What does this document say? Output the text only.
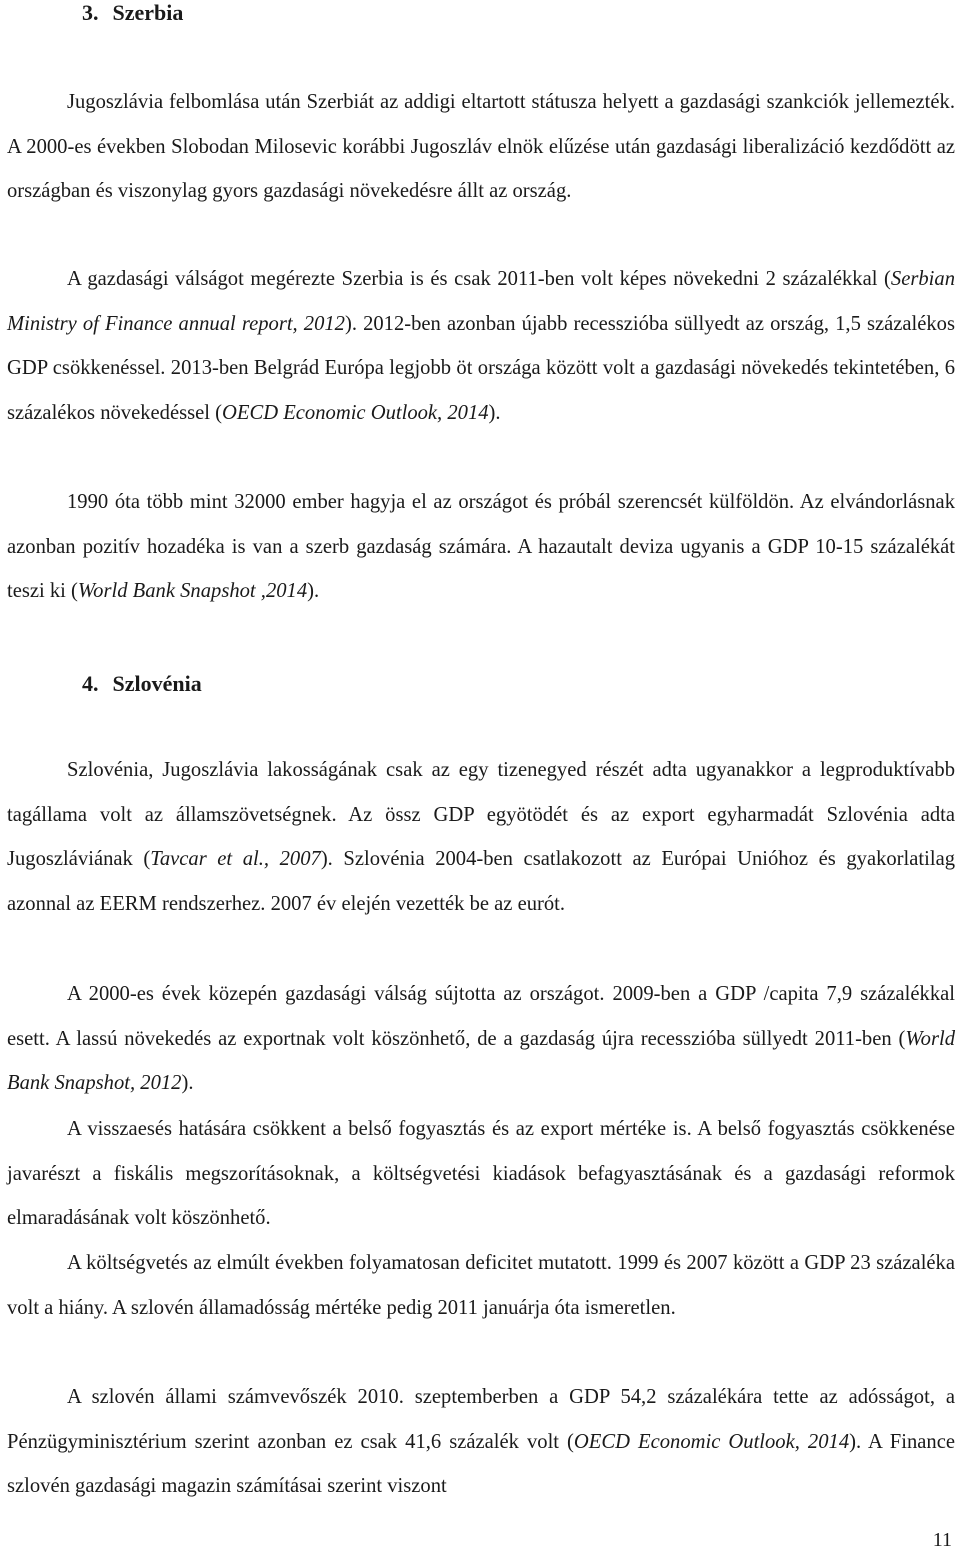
3. Szerbia

Jugoszlávia felbomlása után Szerbiát az addigi eltartott státusza helyett a gazdasági szankciók jellemezték. A 2000-es években Slobodan Milosevic korábbi Jugoszláv elnök elűzése után gazdasági liberalizáció kezdődött az országban és viszonylag gyors gazdasági növekedésre állt az ország.

A gazdasági válságot megérezte Szerbia is és csak 2011-ben volt képes növekedni 2 százalékkal (Serbian Ministry of Finance annual report, 2012). 2012-ben azonban újabb recesszióba süllyedt az ország, 1,5 százalékos GDP csökkenéssel. 2013-ben Belgrád Európa legjobb öt országa között volt a gazdasági növekedés tekintetében, 6 százalékos növekedéssel (OECD Economic Outlook, 2014).

1990 óta több mint 32000 ember hagyja el az országot és próbál szerencsét külföldön. Az elvándorlásnak azonban pozitív hozadéka is van a szerb gazdaság számára. A hazautalt deviza ugyanis a GDP 10-15 százalékát teszi ki (World Bank Snapshot ,2014).

4. Szlovénia

Szlovénia, Jugoszlávia lakosságának csak az egy tizenegyed részét adta ugyanakkor a legproduktívabb tagállama volt az államszövetségnek. Az össz GDP egyötödét és az export egyharmadát Szlovénia adta Jugoszláviának (Tavcar et al., 2007). Szlovénia 2004-ben csatlakozott az Európai Unióhoz és gyakorlatilag azonnal az EERM rendszerhez. 2007 év elején vezették be az eurót.

A 2000-es évek közepén gazdasági válság sújtotta az országot. 2009-ben a GDP /capita 7,9 százalékkal esett. A lassú növekedés az exportnak volt köszönhető, de a gazdaság újra recesszióba süllyedt 2011-ben (World Bank Snapshot, 2012).

A visszaesés hatására csökkent a belső fogyasztás és az export mértéke is. A belső fogyasztás csökkenése javarészt a fiskális megszorításoknak, a költségvetési kiadások befagyasztásának és a gazdasági reformok elmaradásának volt köszönhető.

A költségvetés az elmúlt években folyamatosan deficitet mutatott. 1999 és 2007 között a GDP 23 százaléka volt a hiány. A szlovén államadósság mértéke pedig 2011 januárja óta ismeretlen.

A szlovén állami számvevőszék 2010. szeptemberben a GDP 54,2 százalékára tette az adósságot, a Pénzügyminisztérium szerint azonban ez csak 41,6 százalék volt (OECD Economic Outlook, 2014). A Finance szlovén gazdasági magazin számításai szerint viszont

11
